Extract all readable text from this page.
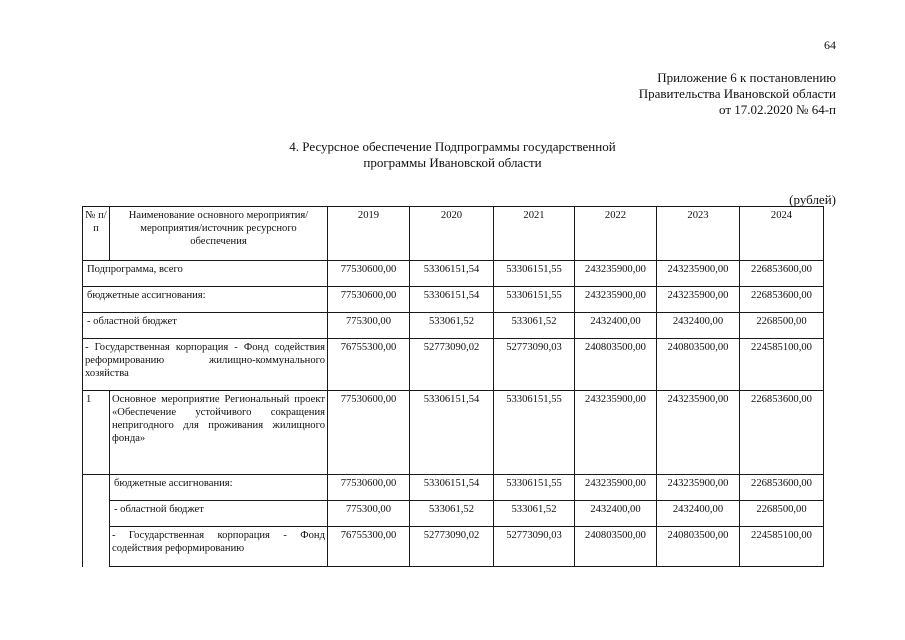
64
Приложение 6 к постановлению
Правительства Ивановской области
от 17.02.2020 № 64-п
4. Ресурсное обеспечение Подпрограммы государственной
программы Ивановской области
(рублей)
№ п/п	Наименование основного мероприятия/мероприятия/источник ресурсного обеспечения	2019	2020	2021	2022	2023	2024
Подпрограмма, всего		77530600,00	53306151,54	53306151,55	243235900,00	243235900,00	226853600,00
бюджетные ассигнования:		77530600,00	53306151,54	53306151,55	243235900,00	243235900,00	226853600,00
- областной бюджет		775300,00	533061,52	533061,52	2432400,00	2432400,00	2268500,00
- Государственная корпорация - Фонд содействия реформированию жилищно-коммунального хозяйства		76755300,00	52773090,02	52773090,03	240803500,00	240803500,00	224585100,00
1	Основное мероприятие Региональный проект «Обеспечение устойчивого сокращения непригодного для проживания жилищного фонда»	77530600,00	53306151,54	53306151,55	243235900,00	243235900,00	226853600,00
	бюджетные ассигнования:	77530600,00	53306151,54	53306151,55	243235900,00	243235900,00	226853600,00
	- областной бюджет	775300,00	533061,52	533061,52	2432400,00	2432400,00	2268500,00
	- Государственная корпорация - Фонд содействия реформированию	76755300,00	52773090,02	52773090,03	240803500,00	240803500,00	224585100,00
